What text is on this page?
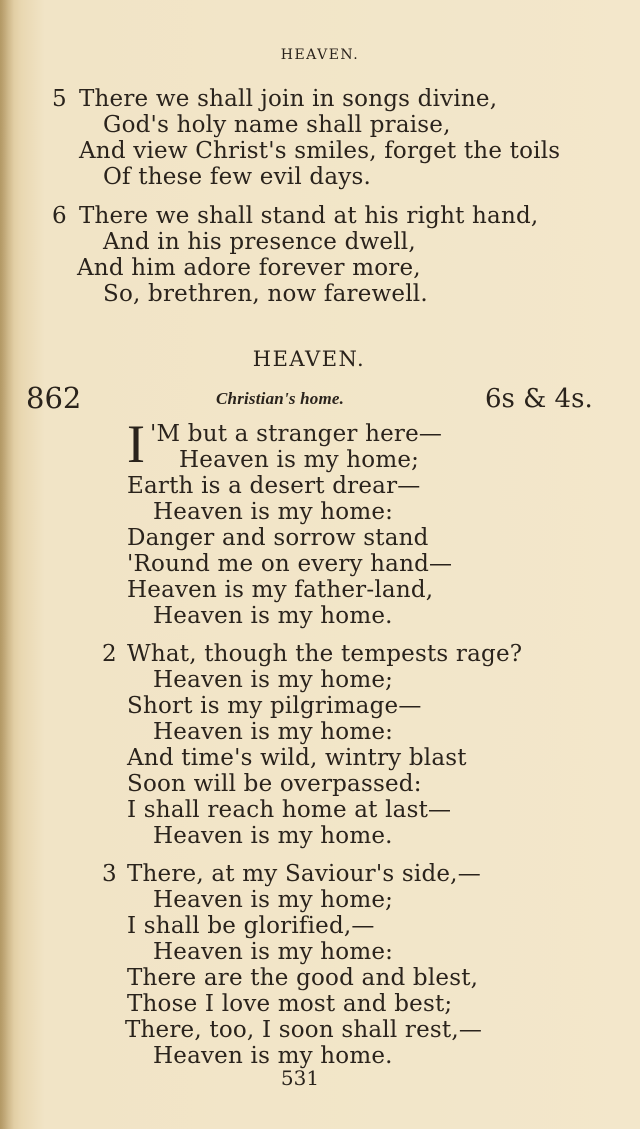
HEAVEN.
5 There we shall join in songs divine,
God's holy name shall praise,
And view Christ's smiles, forget the toils
Of these few evil days.
6 There we shall stand at his right hand,
And in his presence dwell,
And him adore forever more,
So, brethren, now farewell.
HEAVEN.
862	Christian's home.	6s & 4s.
I 'M but a stranger here—
Heaven is my home;
Earth is a desert drear—
Heaven is my home:
Danger and sorrow stand
'Round me on every hand—
Heaven is my father-land,
Heaven is my home.
2 What, though the tempests rage?
Heaven is my home;
Short is my pilgrimage—
Heaven is my home:
And time's wild, wintry blast
Soon will be overpassed:
I shall reach home at last—
Heaven is my home.
3 There, at my Saviour's side,—
Heaven is my home;
I shall be glorified,—
Heaven is my home:
There are the good and blest,
Those I love most and best;
There, too, I soon shall rest,—
Heaven is my home.
531
